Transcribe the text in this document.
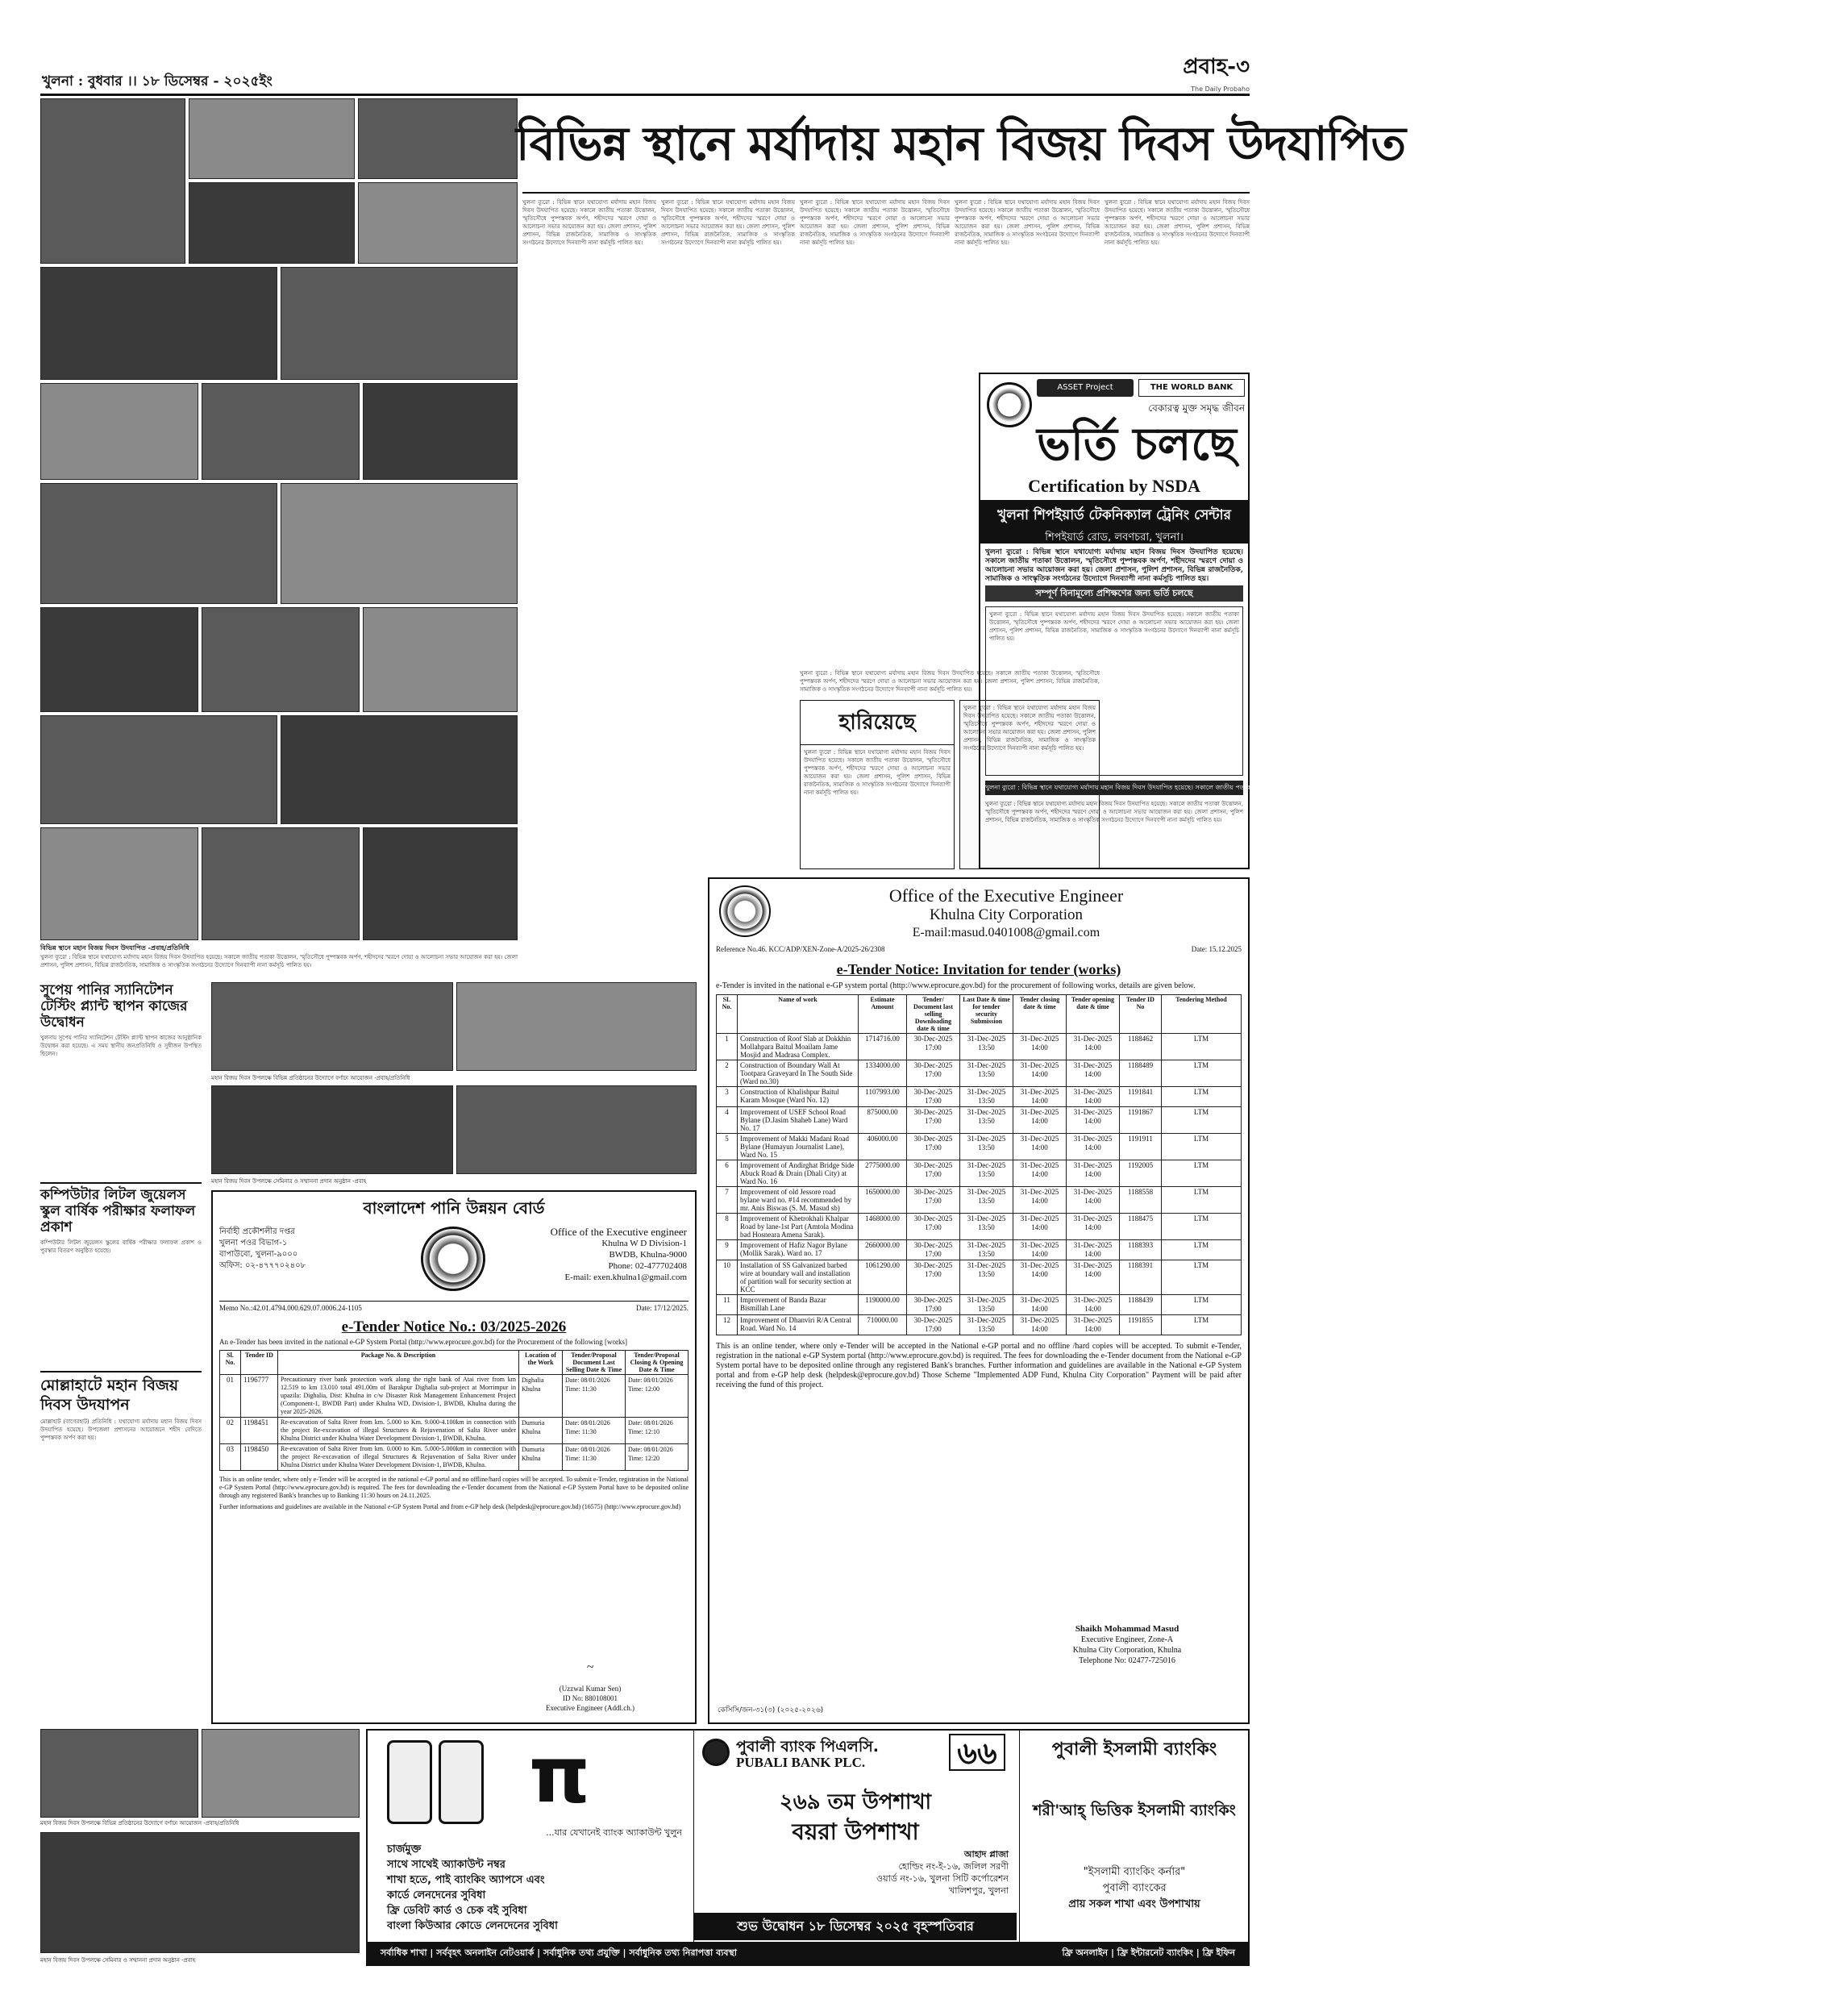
খুলনা : বুধবার ।। ১৮ ডিসেম্বর - ২০২৫ইং
প্রবাহ-৩
The Daily Probaho
বিভিন্ন স্থানে মহান বিজয় দিবস উদযাপিত -প্রবাহ/প্রতিনিধি
খুলনা ব্যুরো : বিভিন্ন স্থানে যথাযোগ্য মর্যাদায় মহান বিজয় দিবস উদযাপিত হয়েছে। সকালে জাতীয় পতাকা উত্তোলন, স্মৃতিসৌধে পুষ্পস্তবক অর্পণ, শহীদদের স্মরণে দোয়া ও আলোচনা সভার আয়োজন করা হয়। জেলা প্রশাসন, পুলিশ প্রশাসন, বিভিন্ন রাজনৈতিক, সামাজিক ও সাংস্কৃতিক সংগঠনের উদ্যোগে দিনব্যাপী নানা কর্মসূচি পালিত হয়।
বিভিন্ন স্থানে মর্যাদায় মহান বিজয় দিবস উদযাপিত
খুলনা ব্যুরো : বিভিন্ন স্থানে যথাযোগ্য মর্যাদায় মহান বিজয় দিবস উদযাপিত হয়েছে। সকালে জাতীয় পতাকা উত্তোলন, স্মৃতিসৌধে পুষ্পস্তবক অর্পণ, শহীদদের স্মরণে দোয়া ও আলোচনা সভার আয়োজন করা হয়। জেলা প্রশাসন, পুলিশ প্রশাসন, বিভিন্ন রাজনৈতিক, সামাজিক ও সাংস্কৃতিক সংগঠনের উদ্যোগে দিনব্যাপী নানা কর্মসূচি পালিত হয়।
খুলনা ব্যুরো : বিভিন্ন স্থানে যথাযোগ্য মর্যাদায় মহান বিজয় দিবস উদযাপিত হয়েছে। সকালে জাতীয় পতাকা উত্তোলন, স্মৃতিসৌধে পুষ্পস্তবক অর্পণ, শহীদদের স্মরণে দোয়া ও আলোচনা সভার আয়োজন করা হয়। জেলা প্রশাসন, পুলিশ প্রশাসন, বিভিন্ন রাজনৈতিক, সামাজিক ও সাংস্কৃতিক সংগঠনের উদ্যোগে দিনব্যাপী নানা কর্মসূচি পালিত হয়।
খুলনা ব্যুরো : বিভিন্ন স্থানে যথাযোগ্য মর্যাদায় মহান বিজয় দিবস উদযাপিত হয়েছে। সকালে জাতীয় পতাকা উত্তোলন, স্মৃতিসৌধে পুষ্পস্তবক অর্পণ, শহীদদের স্মরণে দোয়া ও আলোচনা সভার আয়োজন করা হয়। জেলা প্রশাসন, পুলিশ প্রশাসন, বিভিন্ন রাজনৈতিক, সামাজিক ও সাংস্কৃতিক সংগঠনের উদ্যোগে দিনব্যাপী নানা কর্মসূচি পালিত হয়।
খুলনা ব্যুরো : বিভিন্ন স্থানে যথাযোগ্য মর্যাদায় মহান বিজয় দিবস উদযাপিত হয়েছে। সকালে জাতীয় পতাকা উত্তোলন, স্মৃতিসৌধে পুষ্পস্তবক অর্পণ, শহীদদের স্মরণে দোয়া ও আলোচনা সভার আয়োজন করা হয়। জেলা প্রশাসন, পুলিশ প্রশাসন, বিভিন্ন রাজনৈতিক, সামাজিক ও সাংস্কৃতিক সংগঠনের উদ্যোগে দিনব্যাপী নানা কর্মসূচি পালিত হয়।
খুলনা ব্যুরো : বিভিন্ন স্থানে যথাযোগ্য মর্যাদায় মহান বিজয় দিবস উদযাপিত হয়েছে। সকালে জাতীয় পতাকা উত্তোলন, স্মৃতিসৌধে পুষ্পস্তবক অর্পণ, শহীদদের স্মরণে দোয়া ও আলোচনা সভার আয়োজন করা হয়। জেলা প্রশাসন, পুলিশ প্রশাসন, বিভিন্ন রাজনৈতিক, সামাজিক ও সাংস্কৃতিক সংগঠনের উদ্যোগে দিনব্যাপী নানা কর্মসূচি পালিত হয়।
খুলনা ব্যুরো : বিভিন্ন স্থানে যথাযোগ্য মর্যাদায় মহান বিজয় দিবস উদযাপিত হয়েছে। সকালে জাতীয় পতাকা উত্তোলন, স্মৃতিসৌধে পুষ্পস্তবক অর্পণ, শহীদদের স্মরণে দোয়া ও আলোচনা সভার আয়োজন করা হয়। জেলা প্রশাসন, পুলিশ প্রশাসন, বিভিন্ন রাজনৈতিক, সামাজিক ও সাংস্কৃতিক সংগঠনের উদ্যোগে দিনব্যাপী নানা কর্মসূচি পালিত হয়।
হারিয়েছে
খুলনা ব্যুরো : বিভিন্ন স্থানে যথাযোগ্য মর্যাদায় মহান বিজয় দিবস উদযাপিত হয়েছে। সকালে জাতীয় পতাকা উত্তোলন, স্মৃতিসৌধে পুষ্পস্তবক অর্পণ, শহীদদের স্মরণে দোয়া ও আলোচনা সভার আয়োজন করা হয়। জেলা প্রশাসন, পুলিশ প্রশাসন, বিভিন্ন রাজনৈতিক, সামাজিক ও সাংস্কৃতিক সংগঠনের উদ্যোগে দিনব্যাপী নানা কর্মসূচি পালিত হয়।
খুলনা ব্যুরো : বিভিন্ন স্থানে যথাযোগ্য মর্যাদায় মহান বিজয় দিবস উদযাপিত হয়েছে। সকালে জাতীয় পতাকা উত্তোলন, স্মৃতিসৌধে পুষ্পস্তবক অর্পণ, শহীদদের স্মরণে দোয়া ও আলোচনা সভার আয়োজন করা হয়। জেলা প্রশাসন, পুলিশ প্রশাসন, বিভিন্ন রাজনৈতিক, সামাজিক ও সাংস্কৃতিক সংগঠনের উদ্যোগে দিনব্যাপী নানা কর্মসূচি পালিত হয়।
ASSET Project	THE WORLD BANK
বেকারত্ব মুক্ত সমৃদ্ধ জীবন
ভর্তি চলছে
Certification by NSDA
খুলনা শিপইয়ার্ড টেকনিক্যাল ট্রেনিং সেন্টার
শিপইয়ার্ড রোড, লবণচরা, খুলনা।
খুলনা ব্যুরো : বিভিন্ন স্থানে যথাযোগ্য মর্যাদায় মহান বিজয় দিবস উদযাপিত হয়েছে। সকালে জাতীয় পতাকা উত্তোলন, স্মৃতিসৌধে পুষ্পস্তবক অর্পণ, শহীদদের স্মরণে দোয়া ও আলোচনা সভার আয়োজন করা হয়। জেলা প্রশাসন, পুলিশ প্রশাসন, বিভিন্ন রাজনৈতিক, সামাজিক ও সাংস্কৃতিক সংগঠনের উদ্যোগে দিনব্যাপী নানা কর্মসূচি পালিত হয়।
সম্পূর্ণ বিনামূল্যে প্রশিক্ষণের জন্য ভর্তি চলছে
খুলনা ব্যুরো : বিভিন্ন স্থানে যথাযোগ্য মর্যাদায় মহান বিজয় দিবস উদযাপিত হয়েছে। সকালে জাতীয় পতাকা উত্তোলন, স্মৃতিসৌধে পুষ্পস্তবক অর্পণ, শহীদদের স্মরণে দোয়া ও আলোচনা সভার আয়োজন করা হয়। জেলা প্রশাসন, পুলিশ প্রশাসন, বিভিন্ন রাজনৈতিক, সামাজিক ও সাংস্কৃতিক সংগঠনের উদ্যোগে দিনব্যাপী নানা কর্মসূচি পালিত হয়।
খুলনা ব্যুরো : বিভিন্ন স্থানে যথাযোগ্য মর্যাদায় মহান বিজয় দিবস উদযাপিত হয়েছে। সকালে জাতীয় পতাকা উত্তোলন, স্মৃতিসৌধে পুষ্পস্তবক অর্পণ, শহীদদের স্মরণে দোয়া ও আলোচনা সভার আয়োজন করা হয়। জেলা প্রশাসন, পুলিশ প্রশাসন, বিভিন্ন রাজনৈতিক, সামাজিক ও সাংস্কৃতিক সংগঠনের উদ্যোগে দিনব্যাপী নানা কর্মসূচি পালিত হয়।
খুলনা ব্যুরো : বিভিন্ন স্থানে যথাযোগ্য মর্যাদায় মহান বিজয় দিবস উদযাপিত হয়েছে। সকালে জাতীয় পতাকা উত্তোলন, স্মৃতিসৌধে পুষ্পস্তবক অর্পণ, শহীদদের স্মরণে দোয়া ও আলোচনা সভার আয়োজন করা হয়। জেলা প্রশাসন, পুলিশ প্রশাসন, বিভিন্ন রাজনৈতিক, সামাজিক ও সাংস্কৃতিক সংগঠনের উদ্যোগে দিনব্যাপী নানা কর্মসূচি পালিত হয়।
সুপেয় পানির স্যানিটেশন টেস্টিং প্ল্যান্ট স্থাপন কাজের উদ্বোধন
খুলনায় সুপেয় পানির স্যানিটেশন টেস্টিং প্ল্যান্ট স্থাপন কাজের আনুষ্ঠানিক উদ্বোধন করা হয়েছে। এ সময় স্থানীয় জনপ্রতিনিধি ও সুধীজন উপস্থিত ছিলেন।
কম্পিউটার লিটল জুয়েলস স্কুল বার্ষিক পরীক্ষার ফলাফল প্রকাশ
কম্পিউটার লিটল জুয়েলস স্কুলের বার্ষিক পরীক্ষার ফলাফল প্রকাশ ও পুরস্কার বিতরণ অনুষ্ঠিত হয়েছে।
মোল্লাহাটে মহান বিজয় দিবস উদযাপন
মোল্লাহাট (বাগেরহাট) প্রতিনিধি : যথাযোগ্য মর্যাদায় মহান বিজয় দিবস উদযাপিত হয়েছে। উপজেলা প্রশাসনের আয়োজনে শহীদ বেদিতে পুষ্পস্তবক অর্পণ করা হয়।
মহান বিজয় দিবস উপলক্ষে বিভিন্ন প্রতিষ্ঠানের উদ্যোগে বর্ণাঢ্য আয়োজন -প্রবাহ/প্রতিনিধি
মহান বিজয় দিবস উপলক্ষে সেমিনার ও সম্মাননা প্রদান অনুষ্ঠান -প্রবাহ
বাংলাদেশ পানি উন্নয়ন বোর্ড
নির্বাহী প্রকৌশলীর দপ্তর
খুলনা পওর বিভাগ-১
বাপাউবো, খুলনা-৯০০০
অফিস: ০২-৪৭৭৭০২৪০৮
Office of the Executive engineer
Khulna W D Division-1
BWDB, Khulna-9000
Phone: 02-477702408
E-mail: exen.khulna1@gmail.com
Memo No.:42.01.4794.000.629.07.0006.24-1105	Date: 17/12/2025.
e-Tender Notice No.: 03/2025-2026
An e-Tender has been invited in the national e-GP System Portal (http://www.eprocure.gov.bd) for the Procurement of the following [works]
Sl. No.	Tender ID	Package No. & Description	Location of the Work	Tender/Proposal Document Last Selling Date & Time	Tender/Proposal Closing & Opening Date & Time
01	1196777	Precautionary river bank protection work along the right bank of Atai river from km 12.519 to km 13.010 total 491.00m of Barakpur Dighalia sub-project at Morrimpur in upazila: Dighalia, Dist: Khulna in c/w Disaster Risk Management Enhancement Project (Component-1, BWDB Part) under Khulna WD, Division-1, BWDB, Khulna during the year 2025-2026.	Dighalia Khulna	Date: 08/01/2026 Time: 11:30	Date: 08/01/2026 Time: 12:00
02	1198451	Re-excavation of Salta River from km. 5.000 to Km. 9.000-4.100km in connection with the project Re-excavation of illegal Structures & Rejuvenation of Salta River under Khulna District under Khulna Water Development Division-1, BWDB, Khulna.	Dumuria Khulna	Date: 08/01/2026 Time: 11:30	Date: 08/01/2026 Time: 12:10
03	1198450	Re-excavation of Salta River from km. 0.000 to Km. 5.000-5.000km in connection with the project Re-excavation of illegal Structures & Rejuvenation of Salta River under Khulna District under Khulna Water Development Division-1, BWDB, Khulna.	Dumuria Khulna	Date: 08/01/2026 Time: 11:30	Date: 08/01/2026 Time: 12:20
This is an online tender, where only e-Tender will be accepted in the national e-GP portal and no offline/hard copies will be accepted. To submit e-Tender, registration in the National e-GP System Portal (http://www.eprocure.gov.bd) is required. The fees for downloading the e-Tender document from the National e-GP System Portal have to be deposited online through any registered Bank's branches up to Banking 11:30 hours on 24.11.2025.
Further informations and guidelines are available in the National e-GP System Portal and from e-GP help desk (helpdesk@eprocure.gov.bd) (16575) (http://www.eprocure.gov.bd)
~
(Uzzwal Kumar Sen)
ID No: 880108001
Executive Engineer (Addl.ch.)
Office of the Executive Engineer
Khulna City Corporation
E-mail:masud.0401008@gmail.com
Reference No.46. KCC/ADP/XEN-Zone-A/2025-26/2308	Date: 15.12.2025
e-Tender Notice: Invitation for tender (works)
e-Tender is invited in the national e-GP system portal (http://www.eprocure.gov.bd) for the procurement of following works, details are given below.
SL No.	Name of work	Estimate Amount	Tender/ Document last selling Downloading date & time	Last Date & time for tender security Submission	Tender closing date & time	Tender opening date & time	Tender ID No	Tendering Method
1	Construction of Roof Slab at Dokkhin Mollahpara Baitul Moailam Jame Mosjid and Madrasa Complex.	1714716.00	30-Dec-2025 17:00	31-Dec-2025 13:50	31-Dec-2025 14:00	31-Dec-2025 14:00	1188462	LTM
2	Construction of Boundary Wall At Tootpara Graveyard In The South Side (Ward no.30)	1334000.00	30-Dec-2025 17:00	31-Dec-2025 13:50	31-Dec-2025 14:00	31-Dec-2025 14:00	1188489	LTM
3	Construction of Khalishpur Baitul Karam Mosque (Ward No. 12)	1107993.00	30-Dec-2025 17:00	31-Dec-2025 13:50	31-Dec-2025 14:00	31-Dec-2025 14:00	1191841	LTM
4	Improvement of USEF School Road Bylane (D.Jasim Shaheb Lane) Ward No. 17	875000.00	30-Dec-2025 17:00	31-Dec-2025 13:50	31-Dec-2025 14:00	31-Dec-2025 14:00	1191867	LTM
5	Improvement of Makki Madani Road Bylane (Humayun Journalist Lane), Ward No. 15	406000.00	30-Dec-2025 17:00	31-Dec-2025 13:50	31-Dec-2025 14:00	31-Dec-2025 14:00	1191911	LTM
6	Improvement of Andirghat Bridge Side Abuck Road & Drain (Dhali City) at Ward No. 16	2775000.00	30-Dec-2025 17:00	31-Dec-2025 13:50	31-Dec-2025 14:00	31-Dec-2025 14:00	1192005	LTM
7	Improvement of old Jessore road bylane ward no. #14 recommended by mr. Anis Biswas (S. M. Masud sb)	1650000.00	30-Dec-2025 17:00	31-Dec-2025 13:50	31-Dec-2025 14:00	31-Dec-2025 14:00	1188558	LTM
8	Improvement of Khetrokhali Khalpar Road by lane-1st Part (Amtola Modina bad Hosneara Amena Sarak).	1468000.00	30-Dec-2025 17:00	31-Dec-2025 13:50	31-Dec-2025 14:00	31-Dec-2025 14:00	1188475	LTM
9	Improvement of Hafiz Nagor Bylane (Mollik Sarak). Ward no. 17	2660000.00	30-Dec-2025 17:00	31-Dec-2025 13:50	31-Dec-2025 14:00	31-Dec-2025 14:00	1188393	LTM
10	Installation of SS Galvanized barbed wire at boundary wall and installation of partition wall for security section at KCC	1061290.00	30-Dec-2025 17:00	31-Dec-2025 13:50	31-Dec-2025 14:00	31-Dec-2025 14:00	1188391	LTM
11	Improvement of Banda Bazar Bismillah Lane	1190000.00	30-Dec-2025 17:00	31-Dec-2025 13:50	31-Dec-2025 14:00	31-Dec-2025 14:00	1188439	LTM
12	Improvement of Dhanviri R/A Central Road. Ward No. 14	710000.00	30-Dec-2025 17:00	31-Dec-2025 13:50	31-Dec-2025 14:00	31-Dec-2025 14:00	1191855	LTM
This is an online tender, where only e-Tender will be accepted in the National e-GP portal and no offline /hard copies will be accepted. To submit e-Tender, registration in the national e-GP System portal (http://www.eprocure.gov.bd) is required. The fees for downloading the e-Tender document from the National e-GP System portal have to be deposited online through any registered Bank's branches. Further information and guidelines are available in the National e-GP System portal and from e-GP help desk (helpdesk@eprocure.gov.bd) Those Scheme "Implemented ADP Fund, Khulna City Corporation" Payment will be paid after receiving the fund of this project.
Shaikh Mohammad Masud
Executive Engineer, Zone-A
Khulna City Corporation, Khulna
Telephone No: 02477-725016
কেসিসি/জন-৩১(৩) (২০২৫-২০২৬)
মহান বিজয় দিবস উপলক্ষে বিভিন্ন প্রতিষ্ঠানের উদ্যোগে বর্ণাঢ্য আয়োজন -প্রবাহ/প্রতিনিধি
মহান বিজয় দিবস উপলক্ষে সেমিনার ও সম্মাননা প্রদান অনুষ্ঠান -প্রবাহ
π
...যার যেখানেই ব্যাংক অ্যাকাউন্ট খুলুন
চার্জমুক্ত
সাথে সাথেই অ্যাকাউন্ট নম্বর
শাখা হতে, পাই ব্যাংকিং অ্যাপসে এবং
কার্ডে লেনদেনের সুবিধা
ফ্রি ডেবিট কার্ড ও চেক বই সুবিধা
বাংলা কিউআর কোডে লেনদেনের সুবিধা
পুবালী ব্যাংক পিএলসি.
PUBALI BANK PLC.	৬৬
২৬৯ তম উপশাখা
বয়রা উপশাখা
আহাদ প্লাজা
হোল্ডিং নং-ই-১৬, জলিল সরণী
ওয়ার্ড নং-১৬, খুলনা সিটি কর্পোরেশন
খালিশপুর, খুলনা
শুভ উদ্বোধন ১৮ ডিসেম্বর ২০২৫ বৃহস্পতিবার
পুবালী ইসলামী ব্যাংকিং
শরী'আহ্ ভিত্তিক ইসলামী ব্যাংকিং
"ইসলামী ব্যাংকিং কর্নার"
পুবালী ব্যাংকের
প্রায় সকল শাখা এবং উপশাখায়
সর্বাধিক শাখা | সর্ববৃহৎ অনলাইন নেটওয়ার্ক | সর্বাধুনিক তথ্য প্রযুক্তি | সর্বাধুনিক তথ্য নিরাপত্তা ব্যবস্থা	ফ্রি অনলাইন | ফ্রি ইন্টারনেট ব্যাংকিং | ফ্রি ইফিন
